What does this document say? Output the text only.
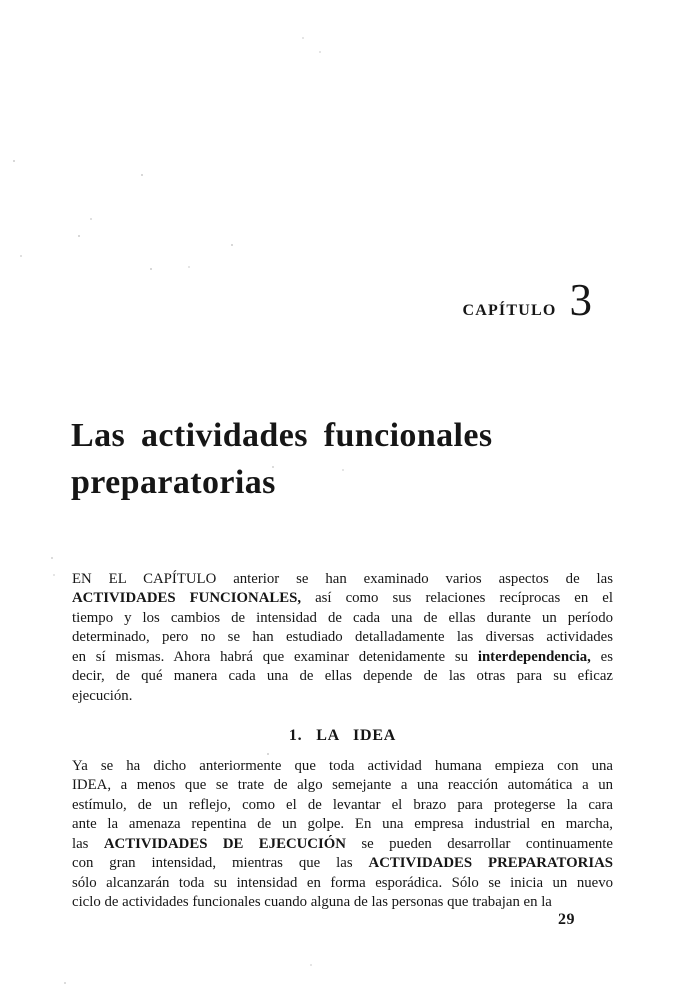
CAPÍTULO 3
Las actividades funcionales
preparatorias
EN EL CAPÍTULO anterior se han examinado varios aspectos de las
ACTIVIDADES FUNCIONALES, así como sus relaciones recíprocas en el
tiempo y los cambios de intensidad de cada una de ellas durante un período
determinado, pero no se han estudiado detalladamente las diversas actividades
en sí mismas. Ahora habrá que examinar detenidamente su interdependencia, es
decir, de qué manera cada una de ellas depende de las otras para su eficaz
ejecución.
1. LA IDEA
Ya se ha dicho anteriormente que toda actividad humana empieza con una
IDEA, a menos que se trate de algo semejante a una reacción automática a un
estímulo, de un reflejo, como el de levantar el brazo para protegerse la cara
ante la amenaza repentina de un golpe. En una empresa industrial en marcha,
las ACTIVIDADES DE EJECUCIÓN se pueden desarrollar continuamente
con gran intensidad, mientras que las ACTIVIDADES PREPARATORIAS
sólo alcanzarán toda su intensidad en forma esporádica. Sólo se inicia un nuevo
ciclo de actividades funcionales cuando alguna de las personas que trabajan en la
29
